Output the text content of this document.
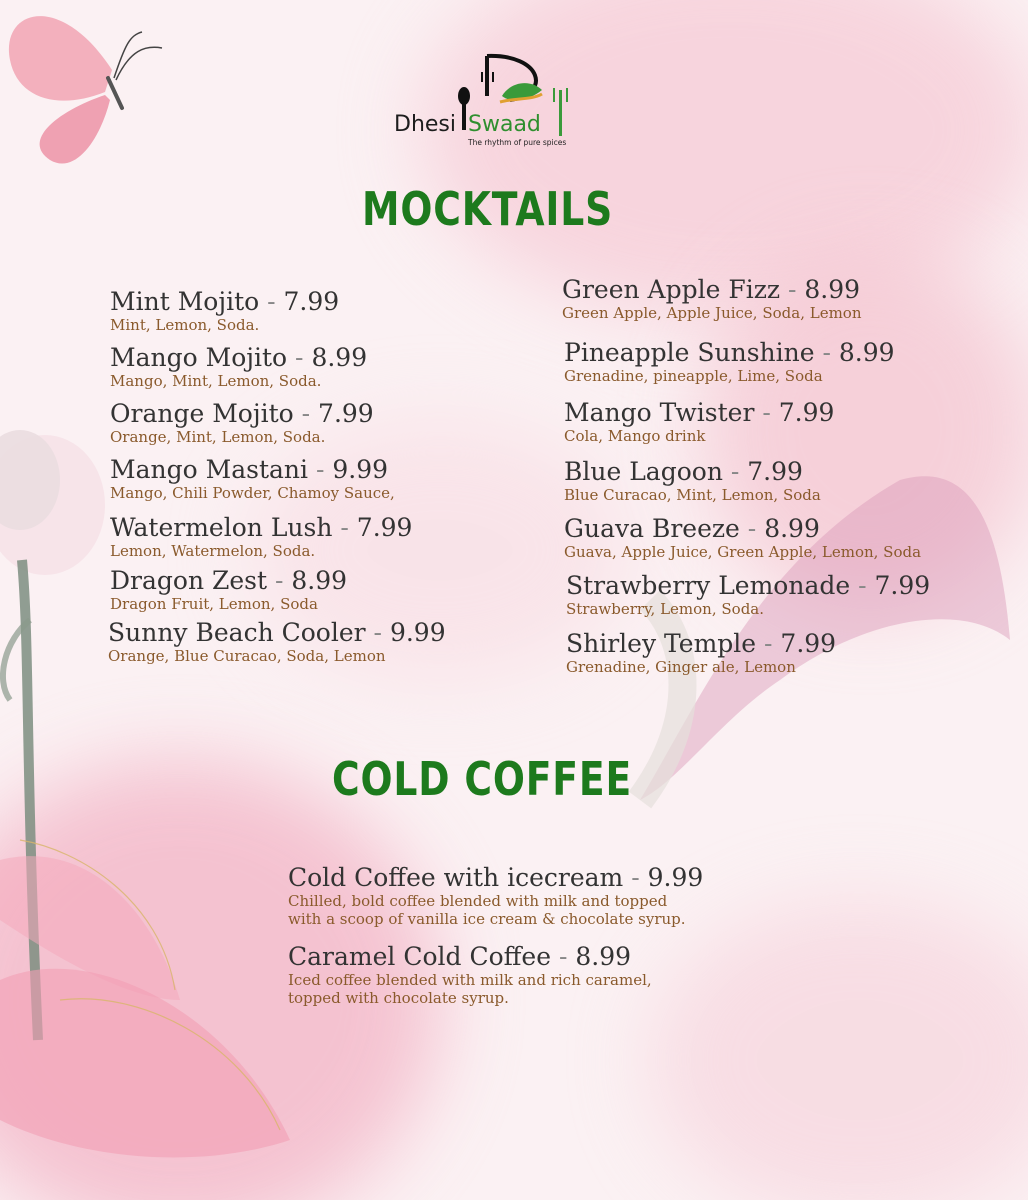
Dhesi Swaad
The rhythm of pure spices
MOCKTAILS
Mint Mojito - 7.99
Mint, Lemon, Soda.
Mango Mojito - 8.99
Mango, Mint, Lemon, Soda.
Orange Mojito - 7.99
Orange, Mint, Lemon, Soda.
Mango Mastani - 9.99
Mango, Chili Powder, Chamoy Sauce,
Watermelon Lush - 7.99
Lemon, Watermelon, Soda.
Dragon Zest - 8.99
Dragon Fruit, Lemon, Soda
Sunny Beach Cooler - 9.99
Orange, Blue Curacao, Soda, Lemon
Green Apple Fizz - 8.99
Green Apple, Apple Juice, Soda, Lemon
Pineapple Sunshine - 8.99
Grenadine, pineapple, Lime, Soda
Mango Twister - 7.99
Cola, Mango drink
Blue Lagoon - 7.99
Blue Curacao, Mint, Lemon, Soda
Guava Breeze - 8.99
Guava, Apple Juice, Green Apple, Lemon, Soda
Strawberry Lemonade - 7.99
Strawberry, Lemon, Soda.
Shirley Temple - 7.99
Grenadine, Ginger ale, Lemon
COLD COFFEE
Cold Coffee with icecream - 9.99
Chilled, bold coffee blended with milk and topped
with a scoop of vanilla ice cream & chocolate syrup.
Caramel Cold Coffee - 8.99
Iced coffee blended with milk and rich caramel,
topped with chocolate syrup.
